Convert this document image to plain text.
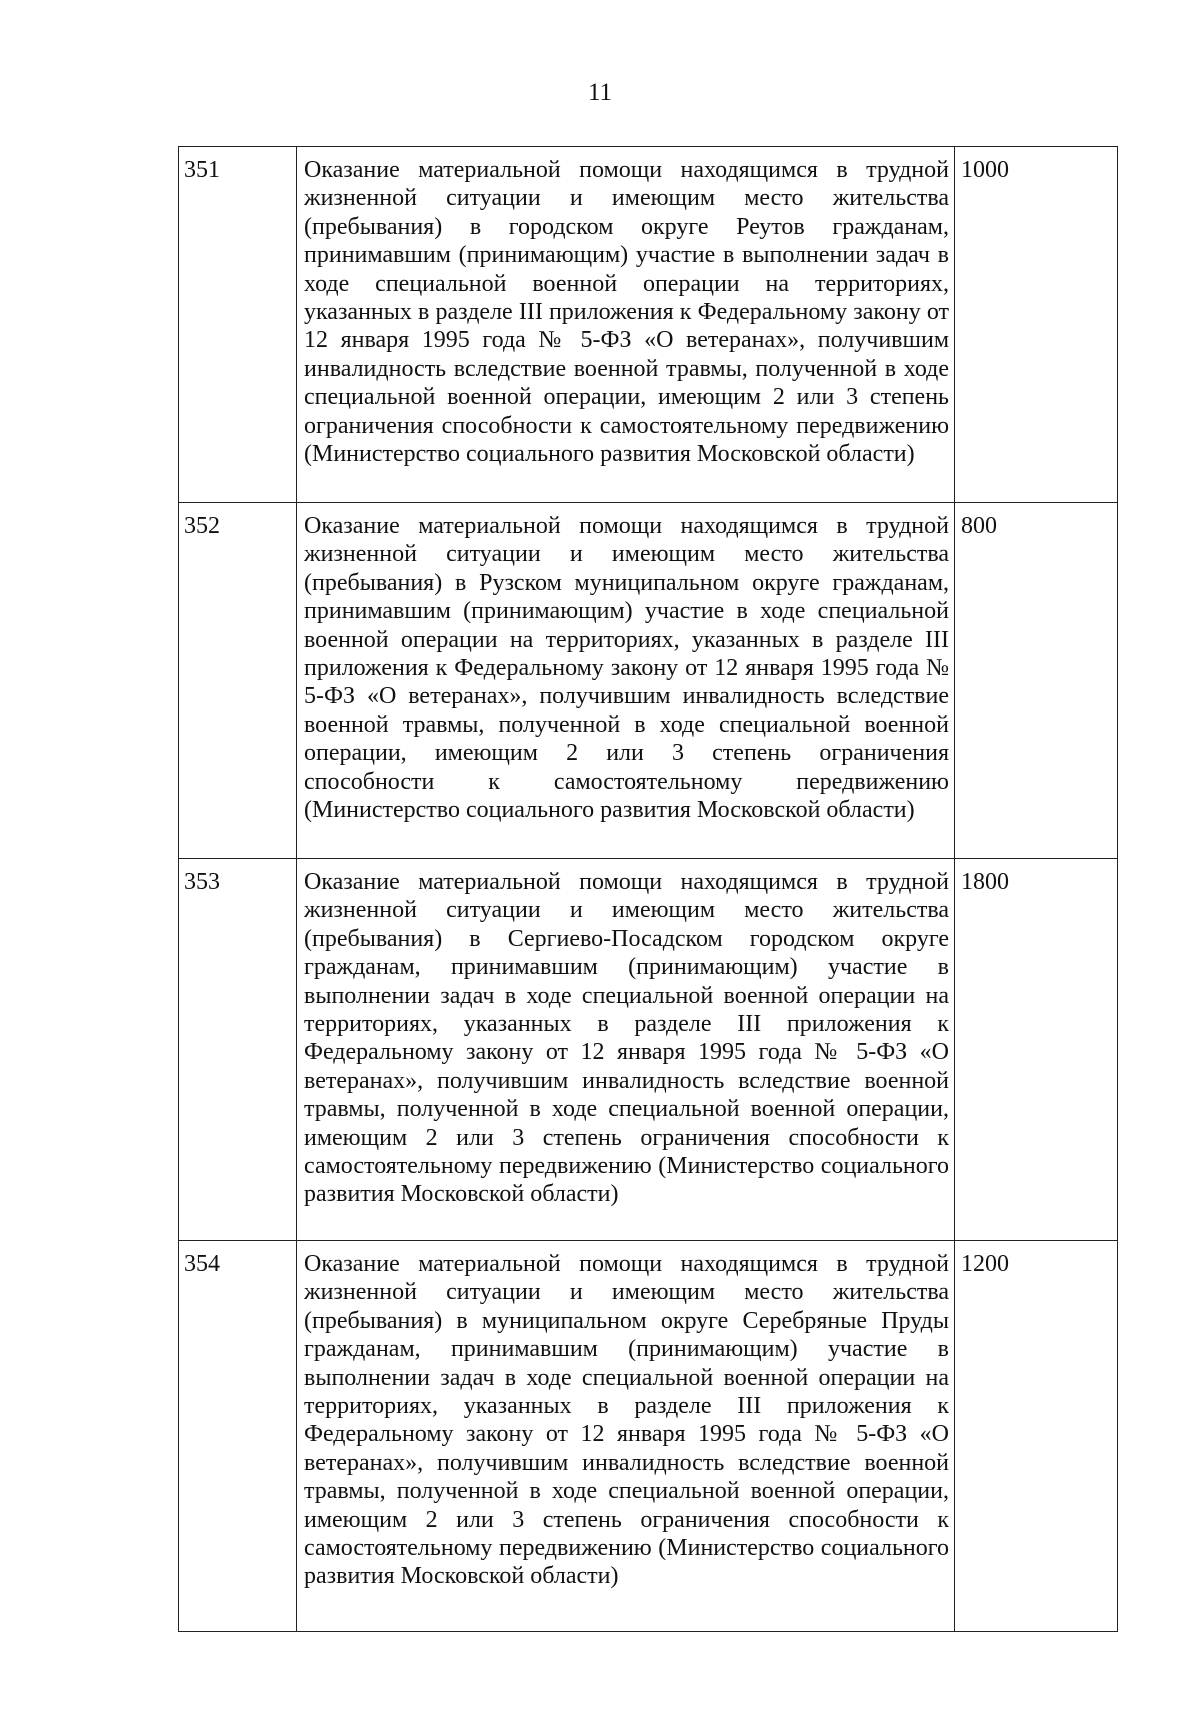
11
351	Оказание материальной помощи находящимся в трудной жизненной ситуации и имеющим место жительства (пребывания) в городском округе Реутов гражданам, принимавшим (принимающим) участие в выполнении задач в ходе специальной военной операции на территориях, указанных в разделе III приложения к Федеральному закону от 12 января 1995 года № 5-ФЗ «О ветеранах», получившим инвалидность вследствие военной травмы, полученной в ходе специальной военной операции, имеющим 2 или 3 степень ограничения способности к самостоятельному передвижению (Министерство социального развития Московской области)	1000
352	Оказание материальной помощи находящимся в трудной жизненной ситуации и имеющим место жительства (пребывания) в Рузском муниципальном округе гражданам, принимавшим (принимающим) участие в ходе специальной военной операции на территориях, указанных в разделе III приложения к Федеральному закону от 12 января 1995 года № 5-ФЗ «О ветеранах», получившим инвалидность вследствие военной травмы, полученной в ходе специальной военной операции, имеющим 2 или 3 степень ограничения способности к самостоятельному передвижению (Министерство социального развития Московской области)	800
353	Оказание материальной помощи находящимся в трудной жизненной ситуации и имеющим место жительства (пребывания) в Сергиево-Посадском городском округе гражданам, принимавшим (принимающим) участие в выполнении задач в ходе специальной военной операции на территориях, указанных в разделе III приложения к Федеральному закону от 12 января 1995 года № 5-ФЗ «О ветеранах», получившим инвалидность вследствие военной травмы, полученной в ходе специальной военной операции, имеющим 2 или 3 степень ограничения способности к самостоятельному передвижению (Министерство социального развития Московской области)	1800
354	Оказание материальной помощи находящимся в трудной жизненной ситуации и имеющим место жительства (пребывания) в муниципальном округе Серебряные Пруды гражданам, принимавшим (принимающим) участие в выполнении задач в ходе специальной военной операции на территориях, указанных в разделе III приложения к Федеральному закону от 12 января 1995 года № 5-ФЗ «О ветеранах», получившим инвалидность вследствие военной травмы, полученной в ходе специальной военной операции, имеющим 2 или 3 степень ограничения способности к самостоятельному передвижению (Министерство социального развития Московской области)	1200
